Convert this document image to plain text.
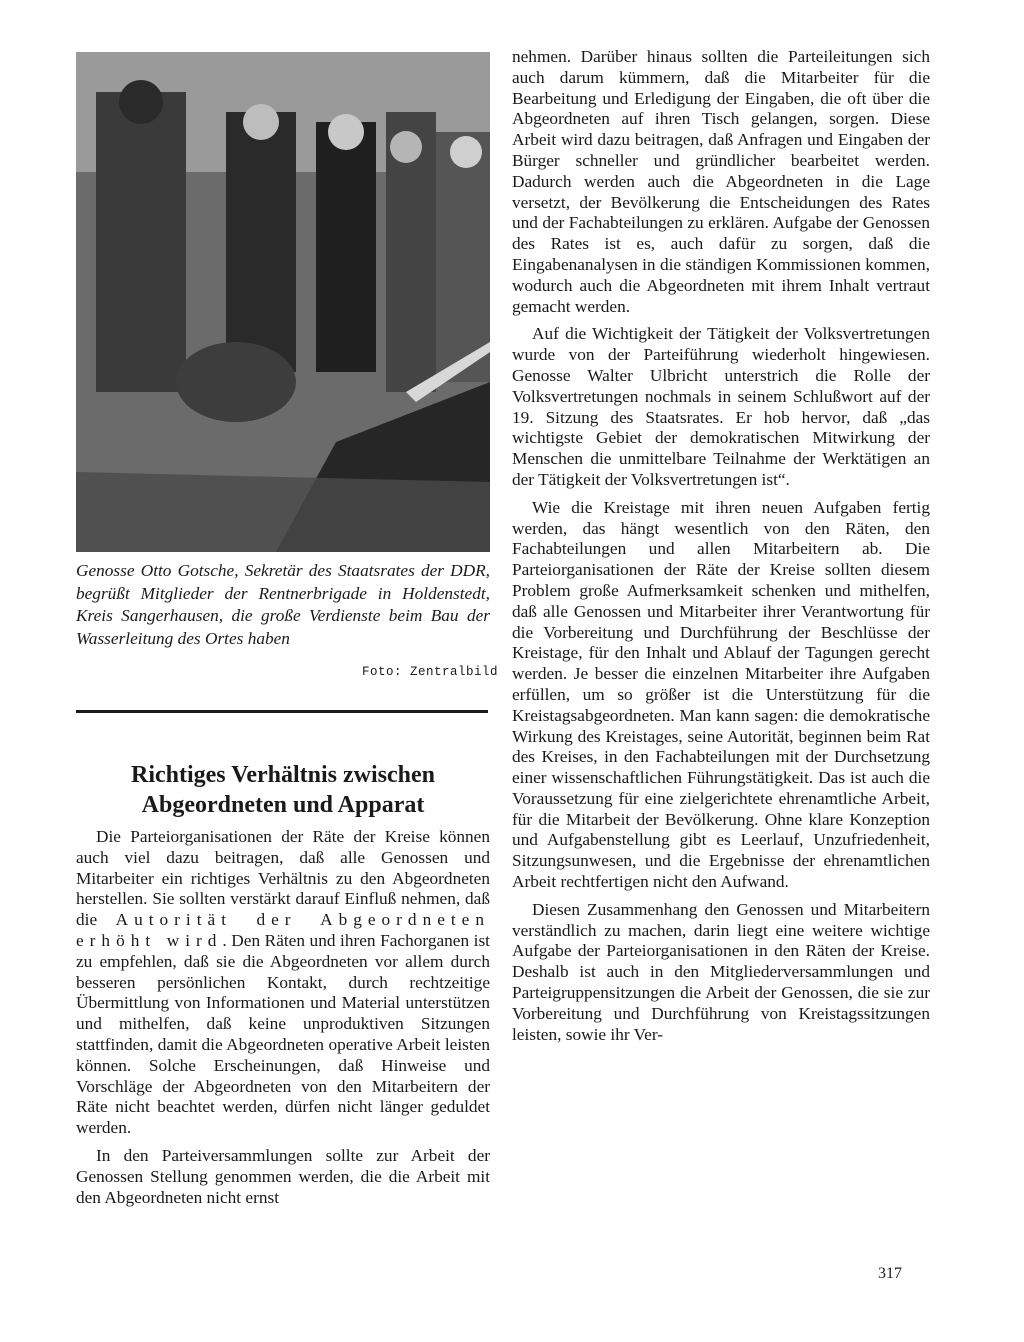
Genosse Otto Gotsche, Sekretär des Staatsrates der DDR, begrüßt Mitglieder der Rentnerbrigade in Holdenstedt, Kreis Sangerhausen, die große Verdienste beim Bau der Wasserleitung des Ortes haben
Foto: Zentralbild
Richtiges Verhältnis zwischen
Abgeordneten und Apparat

Die Parteiorganisationen der Räte der Kreise können auch viel dazu beitragen, daß alle Genossen und Mitarbeiter ein richtiges Verhältnis zu den Abgeordneten herstellen. Sie sollten verstärkt darauf Einfluß nehmen, daß die Autorität der Abgeordneten erhöht wird. Den Räten und ihren Fachorganen ist zu empfehlen, daß sie die Abgeordneten vor allem durch besseren persönlichen Kontakt, durch rechtzeitige Übermittlung von Informationen und Material unterstützen und mithelfen, daß keine unproduktiven Sitzungen stattfinden, damit die Abgeordneten operative Arbeit leisten können. Solche Erscheinungen, daß Hinweise und Vorschläge der Abgeordneten von den Mitarbeitern der Räte nicht beachtet werden, dürfen nicht länger geduldet werden.

In den Parteiversammlungen sollte zur Arbeit der Genossen Stellung genommen werden, die die Arbeit mit den Abgeordneten nicht ernst

nehmen. Darüber hinaus sollten die Parteileitungen sich auch darum kümmern, daß die Mitarbeiter für die Bearbeitung und Erledigung der Eingaben, die oft über die Abgeordneten auf ihren Tisch gelangen, sorgen. Diese Arbeit wird dazu beitragen, daß Anfragen und Eingaben der Bürger schneller und gründlicher bearbeitet werden. Dadurch werden auch die Abgeordneten in die Lage versetzt, der Bevölkerung die Entscheidungen des Rates und der Fachabteilungen zu erklären. Aufgabe der Genossen des Rates ist es, auch dafür zu sorgen, daß die Eingabenanalysen in die ständigen Kommissionen kommen, wodurch auch die Abgeordneten mit ihrem Inhalt vertraut gemacht werden.

Auf die Wichtigkeit der Tätigkeit der Volksvertretungen wurde von der Parteiführung wiederholt hingewiesen. Genosse Walter Ulbricht unterstrich die Rolle der Volksvertretungen nochmals in seinem Schlußwort auf der 19. Sitzung des Staatsrates. Er hob hervor, daß „das wichtigste Gebiet der demokratischen Mitwirkung der Menschen die unmittelbare Teilnahme der Werktätigen an der Tätigkeit der Volksvertretungen ist“.

Wie die Kreistage mit ihren neuen Aufgaben fertig werden, das hängt wesentlich von den Räten, den Fachabteilungen und allen Mitarbeitern ab. Die Parteiorganisationen der Räte der Kreise sollten diesem Problem große Aufmerksamkeit schenken und mithelfen, daß alle Genossen und Mitarbeiter ihrer Verantwortung für die Vorbereitung und Durchführung der Beschlüsse der Kreistage, für den Inhalt und Ablauf der Tagungen gerecht werden. Je besser die einzelnen Mitarbeiter ihre Aufgaben erfüllen, um so größer ist die Unterstützung für die Kreistagsabgeordneten. Man kann sagen: die demokratische Wirkung des Kreistages, seine Autorität, beginnen beim Rat des Kreises, in den Fachabteilungen mit der Durchsetzung einer wissenschaftlichen Führungstätigkeit. Das ist auch die Voraussetzung für eine zielgerichtete ehrenamtliche Arbeit, für die Mitarbeit der Bevölkerung. Ohne klare Konzeption und Aufgabenstellung gibt es Leerlauf, Unzufriedenheit, Sitzungsunwesen, und die Ergebnisse der ehrenamtlichen Arbeit rechtfertigen nicht den Aufwand.

Diesen Zusammenhang den Genossen und Mitarbeitern verständlich zu machen, darin liegt eine weitere wichtige Aufgabe der Parteiorganisationen in den Räten der Kreise. Deshalb ist auch in den Mitgliederversammlungen und Parteigruppensitzungen die Arbeit der Genossen, die sie zur Vorbereitung und Durchführung von Kreistagssitzungen leisten, sowie ihr Ver-

317
